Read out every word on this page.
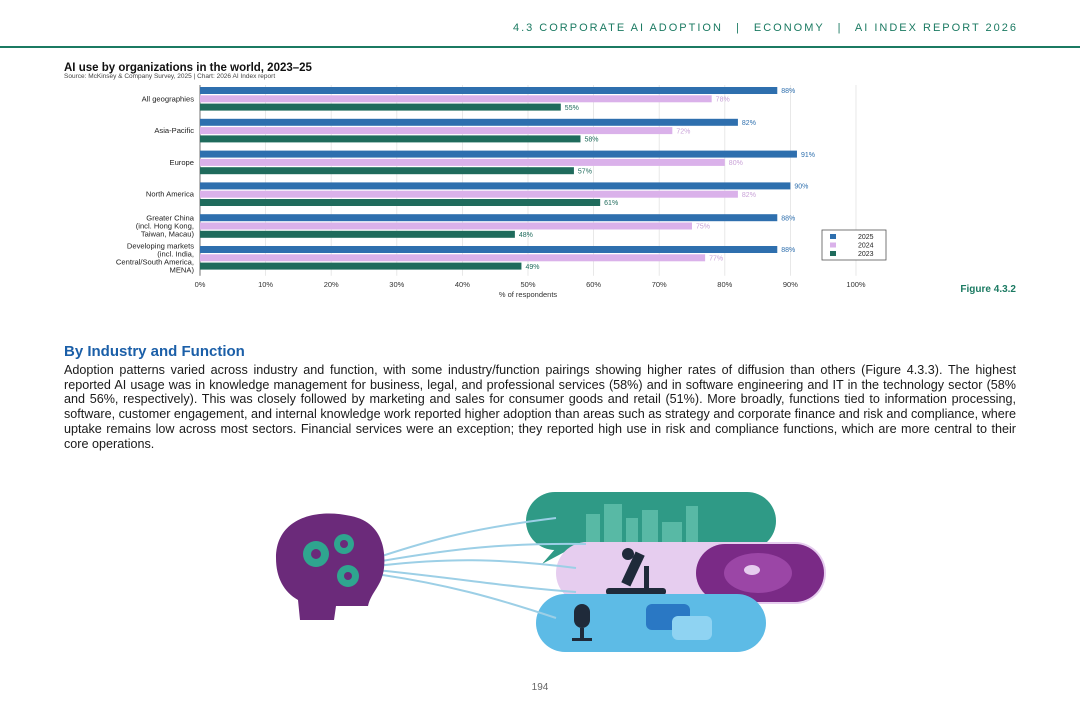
4.3 CORPORATE AI ADOPTION | ECONOMY | AI INDEX REPORT 2026
AI use by organizations in the world, 2023–25
Source: McKinsey & Company Survey, 2025 | Chart: 2026 AI Index report
0%	10%	20%	30%	40%	50%	60%	70%	80%	90%	100%
% of respondents
All geographies
88%
78%
55%
Asia-Pacific
82%
72%
58%
Europe
91%
80%
57%
North America
90%
82%
61%
Greater China
(incl. Hong Kong,
Taiwan, Macau)
88%
75%
48%
Developing markets
(incl. India,
Central/South America,
MENA)
88%
77%
49%
2025
2024
2023
Figure 4.3.2
By Industry and Function
Adoption patterns varied across industry and function, with some industry/function pairings showing higher rates of diffusion than others (Figure 4.3.3). The highest reported AI usage was in knowledge management for business, legal, and professional services (58%) and in software engineering and IT in the technology sector (58% and 56%, respectively). This was closely followed by marketing and sales for consumer goods and retail (51%). More broadly, functions tied to information processing, software, customer engagement, and internal knowledge work reported higher adoption than areas such as strategy and corporate finance and risk and compliance, where uptake remains low across most sectors. Financial services were an exception; they reported high use in risk and compliance functions, which are more central to their core operations.
194
